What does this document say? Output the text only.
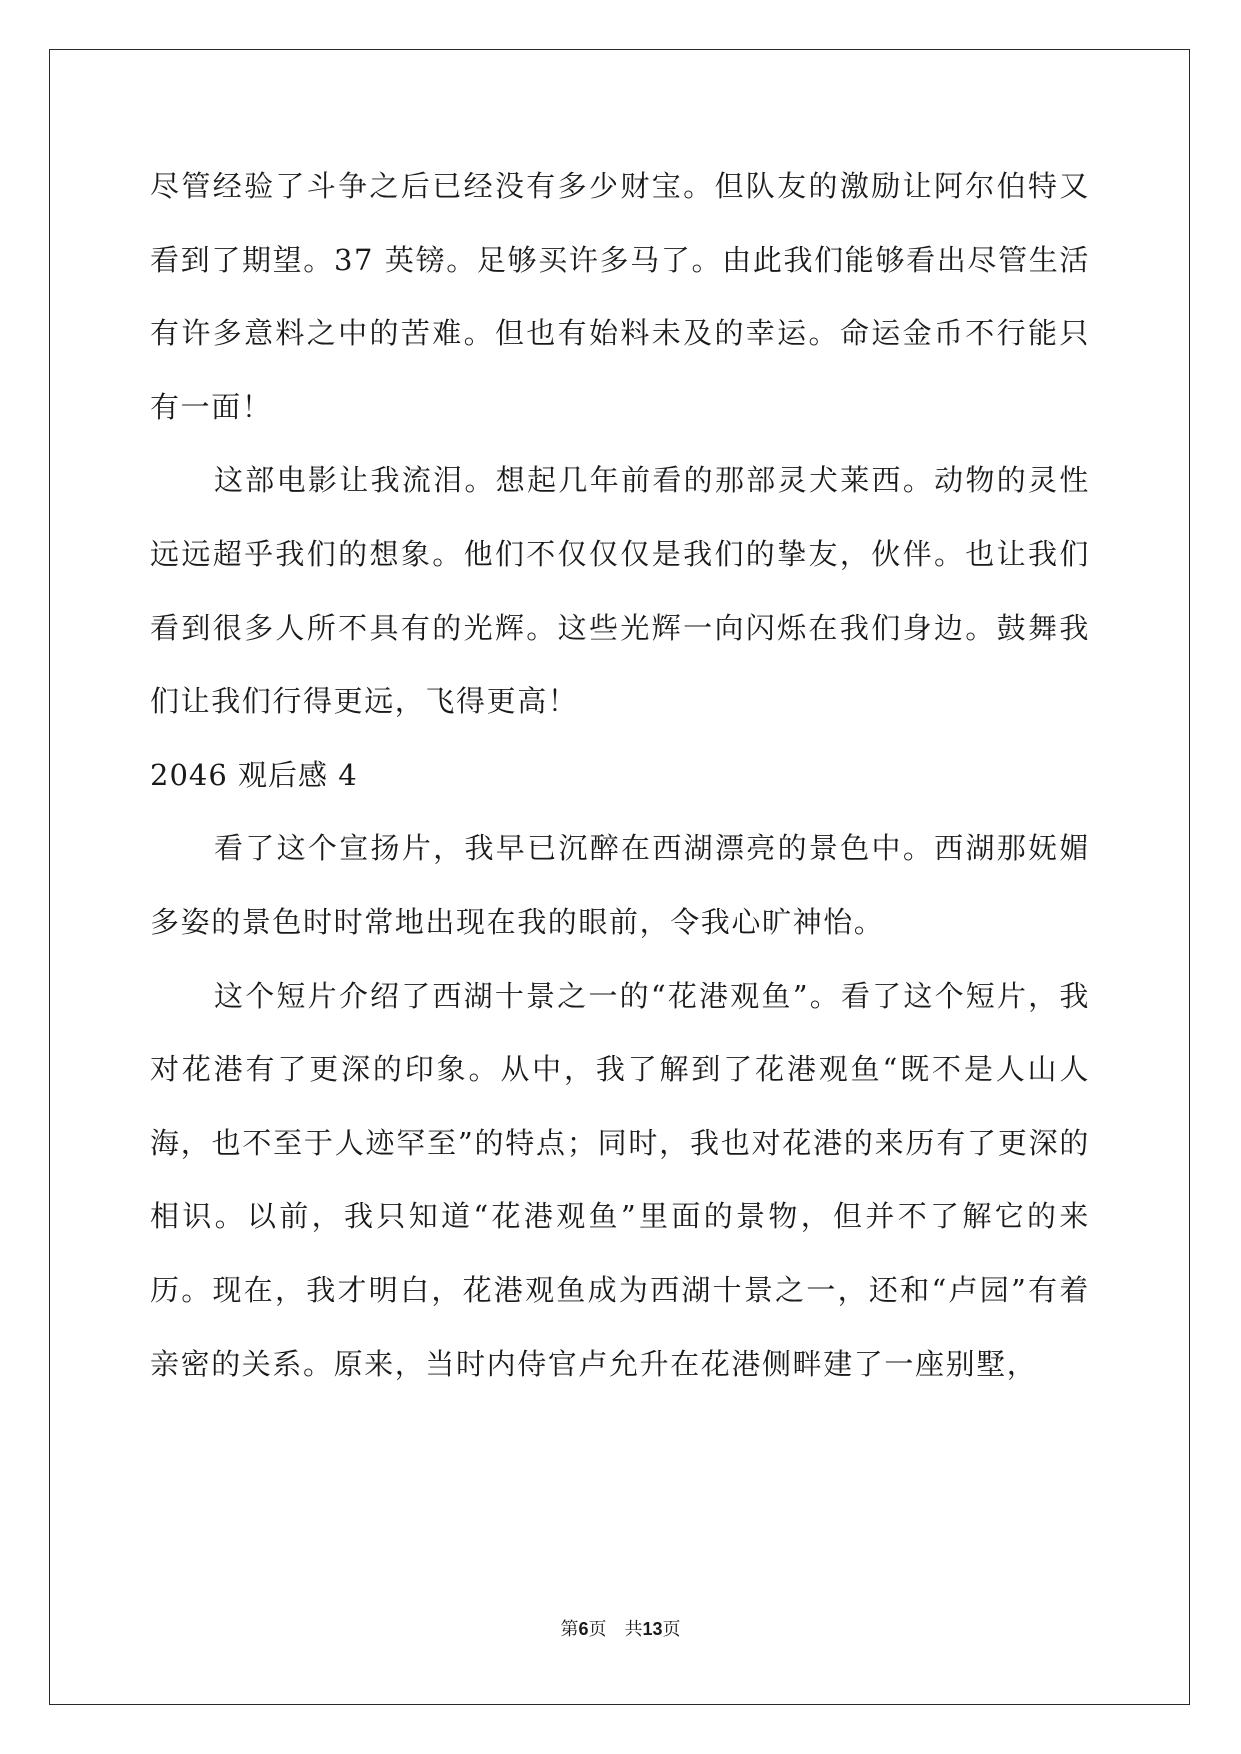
尽管经验了斗争之后已经没有多少财宝。但队友的激励让阿尔伯特又看到了期望。37 英镑。足够买许多马了。由此我们能够看出尽管生活有许多意料之中的苦难。但也有始料未及的幸运。命运金币不行能只有一面！

这部电影让我流泪。想起几年前看的那部灵犬莱西。动物的灵性远远超乎我们的想象。他们不仅仅仅是我们的挚友，伙伴。也让我们看到很多人所不具有的光辉。这些光辉一向闪烁在我们身边。鼓舞我们让我们行得更远，飞得更高！

2046 观后感 4

看了这个宣扬片，我早已沉醉在西湖漂亮的景色中。西湖那妩媚多姿的景色时时常地出现在我的眼前，令我心旷神怡。

这个短片介绍了西湖十景之一的“花港观鱼”。看了这个短片，我对花港有了更深的印象。从中，我了解到了花港观鱼“既不是人山人海，也不至于人迹罕至”的特点；同时，我也对花港的来历有了更深的相识。以前，我只知道“花港观鱼”里面的景物，但并不了解它的来历。现在，我才明白，花港观鱼成为西湖十景之一，还和“卢园”有着亲密的关系。原来，当时内侍官卢允升在花港侧畔建了一座别墅，

第6页　共13页
